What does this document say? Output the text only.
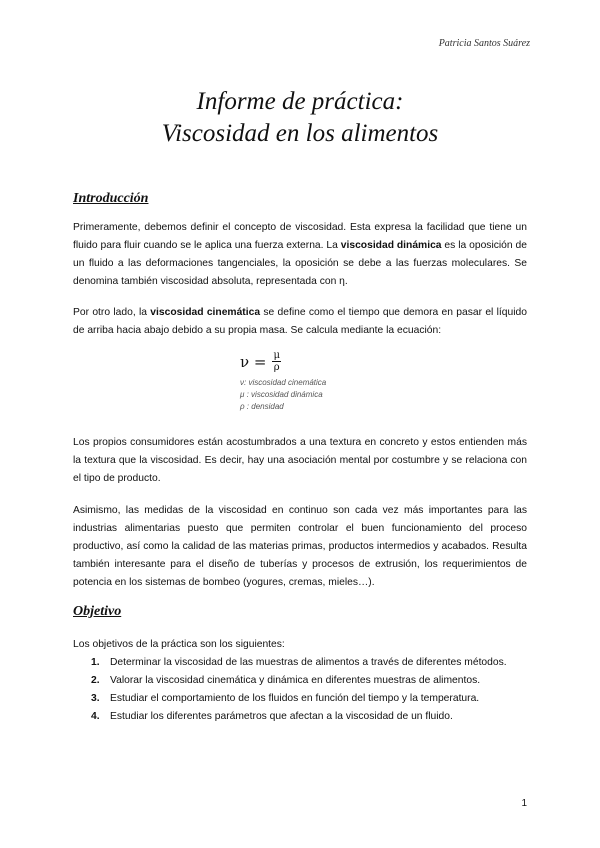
Patricia Santos Suárez
Informe de práctica:
Viscosidad en los alimentos
Introducción
Primeramente, debemos definir el concepto de viscosidad. Esta expresa la facilidad que tiene un fluido para fluir cuando se le aplica una fuerza externa. La viscosidad dinámica es la oposición de un fluido a las deformaciones tangenciales, la oposición se debe a las fuerzas moleculares. Se denomina también viscosidad absoluta, representada con η.
Por otro lado, la viscosidad cinemática se define como el tiempo que demora en pasar el líquido de arriba hacia abajo debido a su propia masa. Se calcula mediante la ecuación:
$\nu = \frac{\mu}{\rho}$
ν: viscosidad cinemática
μ : viscosidad dinámica
ρ : densidad
Los propios consumidores están acostumbrados a una textura en concreto y estos entienden más la textura que la viscosidad. Es decir, hay una asociación mental por costumbre y se relaciona con el tipo de producto.
Asimismo, las medidas de la viscosidad en continuo son cada vez más importantes para las industrias alimentarias puesto que permiten controlar el buen funcionamiento del proceso productivo, así como la calidad de las materias primas, productos intermedios y acabados. Resulta también interesante para el diseño de tuberías y procesos de extrusión, los requerimientos de potencia en los sistemas de bombeo (yogures, cremas, mieles…).
Objetivo
Los objetivos de la práctica son los siguientes:
1. Determinar la viscosidad de las muestras de alimentos a través de diferentes métodos.
2. Valorar la viscosidad cinemática y dinámica en diferentes muestras de alimentos.
3. Estudiar el comportamiento de los fluidos en función del tiempo y la temperatura.
4. Estudiar los diferentes parámetros que afectan a la viscosidad de un fluido.
1
